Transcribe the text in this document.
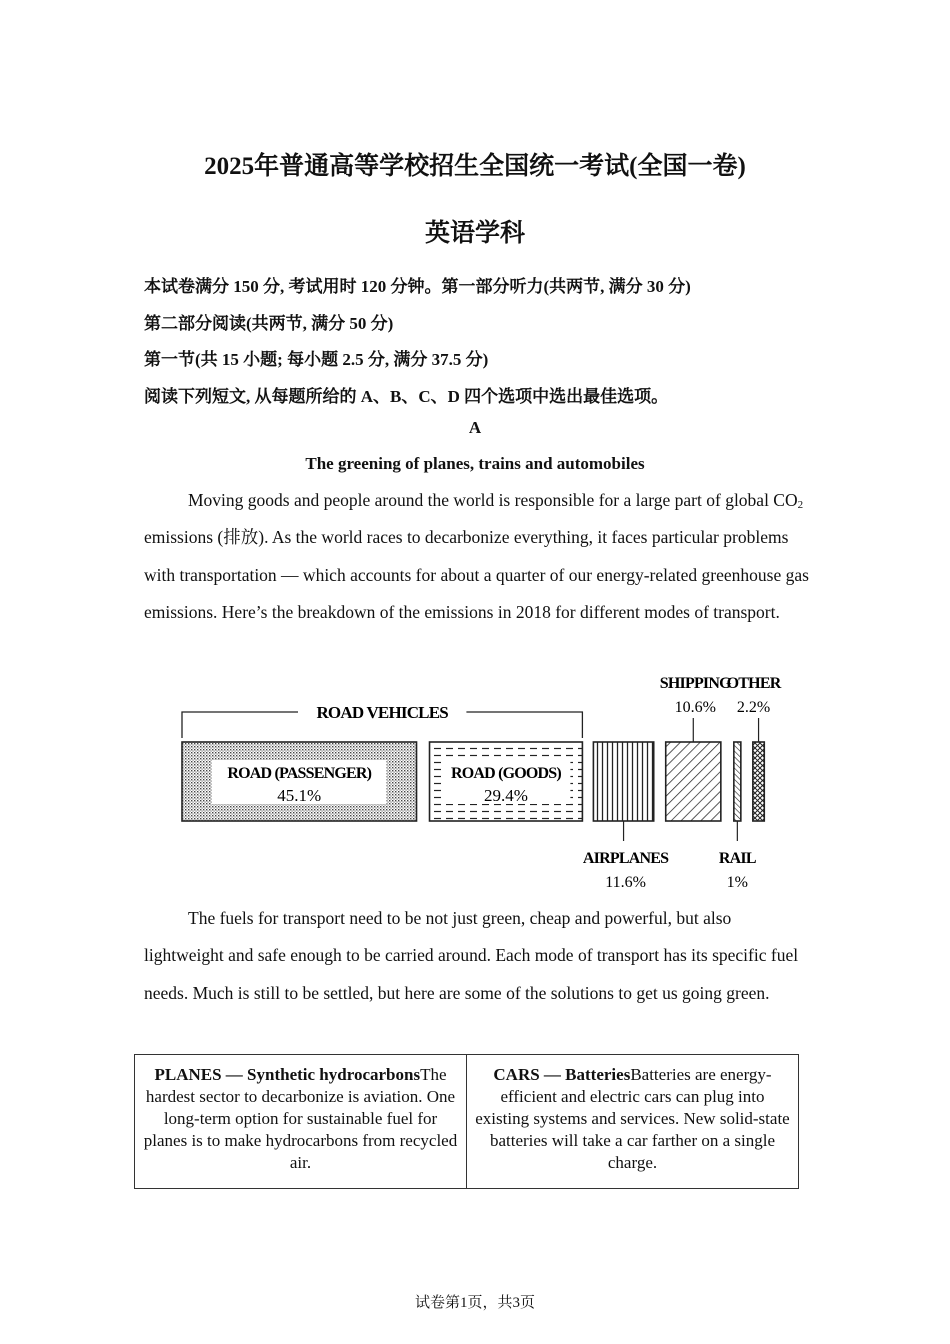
2025年普通高等学校招生全国统一考试(全国一卷)
英语学科

本试卷满分 150 分, 考试用时 120 分钟。第一部分听力(共两节, 满分 30 分)

第二部分阅读(共两节, 满分 50 分)

第一节(共 15 小题; 每小题 2.5 分, 满分 37.5 分)

阅读下列短文, 从每题所给的 A、B、C、D 四个选项中选出最佳选项。

A

The greening of planes, trains and automobiles

Moving goods and people around the world is responsible for a large part of global $CO_2$ emissions (排放). As the world races to decarbonize everything, it faces particular problems with transportation — which accounts for about a quarter of our energy-related greenhouse gas emissions. Here’s the breakdown of the emissions in 2018 for different modes of transport.

ROAD (PASSENGER)
45.1%
ROAD (GOODS)
29.4%
ROAD VEHICLES
SHIPPING
10.6%
OTHER
2.2%
AIRPLANES
11.6%
RAIL
1%

The fuels for transport need to be not just green, cheap and powerful, but also lightweight and safe enough to be carried around. Each mode of transport has its specific fuel needs. Much is still to be settled, but here are some of the solutions to get us going green.

PLANES — Synthetic hydrocarbonsThe hardest sector to decarbonize is aviation. One long-term option for sustainable fuel for planes is to make hydrocarbons from recycled air.	CARS — BatteriesBatteries are energy-efficient and electric cars can plug into existing systems and services. New solid-state batteries will take a car farther on a single charge.
试卷第1页，共3页
